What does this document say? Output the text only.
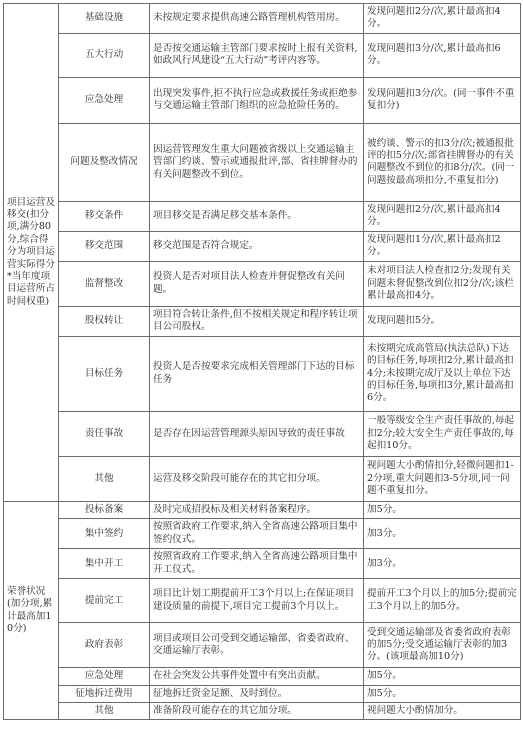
项目运营及移交(扣分项,满分80分,综合得分为项目运营实际得分*当年度项目运营所占时间权重)	基础设施	未按规定要求提供高速公路管理机构管用房。	发现问题扣2分/次,累计最高扣4分。
	五大行动	是否按交通运输主管部门要求按时上报有关资料,如政风行风建设“五大行动”考评内容等。	发现问题扣3分/次,累计最高扣6分。
	应急处理	出现突发事件,拒不执行应急或救援任务或拒绝参与交通运输主管部门组织的应急抢险任务的。	发现问题扣3分/次。(同一事件不重复扣分)
	问题及整改情况	因运营管理发生重大问题被省级以上交通运输主管部门约谈、警示或通报批评,部、省挂牌督办的有关问题整改不到位。	被约谈、警示的扣3分/次;被通报批评的扣5分/次;部省挂牌督办的有关问题整改不到位的扣8分/次。(同一问题按最高项扣分,不重复扣分)
	移交条件	项目移交是否满足移交基本条件。	发现问题扣2分/次,累计最高扣4分。
	移交范围	移交范围是否符合规定。	发现问题扣1分/次,累计最高扣2分。
	监督整改	投资人是否对项目法人检查并督促整改有关问题。	未对项目法人检查扣2分;发现有关问题未督促整改到位扣2分/次;该栏累计最高扣4分。
	股权转让	项目符合转让条件,但不按相关规定和程序转让项目公司股权。	发现问题扣5分。
	目标任务	投资人是否按要求完成相关管理部门下达的目标任务	未按期完成高管局(执法总队)下达的目标任务,每项扣2分,累计最高扣4分;未按期完成厅及以上单位下达的目标任务,每项扣3分,累计最高扣6分。
	责任事故	是否存在因运营管理源头原因导致的责任事故	一般等级安全生产责任事故的,每起扣2分;较大安全生产责任事故的,每起扣10分。
	其他	运营及移交阶段可能存在的其它扣分项。	视问题大小酌情扣分,轻微问题扣1-2分项,重大问题扣3-5分项,同一问题不重复扣分。
荣誉状况(加分项,累计最高加10分)	投标备案	及时完成招投标及相关材料备案程序。	加5分。
	集中签约	按照省政府工作要求,纳入全省高速公路项目集中签约仪式。	加3分。
	集中开工	按照省政府工作要求,纳入全省高速公路项目集中开工仪式。	加3分。
	提前完工	项目比计划工期提前开工3个月以上;在保证项目建设质量的前提下,项目完工提前3个月以上。	提前开工3个月以上的加5分;提前完工3个月以上的加5分。
	政府表彰	项目或项目公司受到交通运输部、省委省政府、交通运输厅表彰。	受到交通运输部及省委省政府表彰的加5分;受交通运输厅表彰的加3分。(该项最高加10分)
	应急处理	在社会突发公共事件处置中有突出贡献。	加5分。
	征地拆迁费用	征地拆迁资金足额、及时到位。	加5分。
	其他	准备阶段可能存在的其它加分项。	视问题大小酌情加分。
